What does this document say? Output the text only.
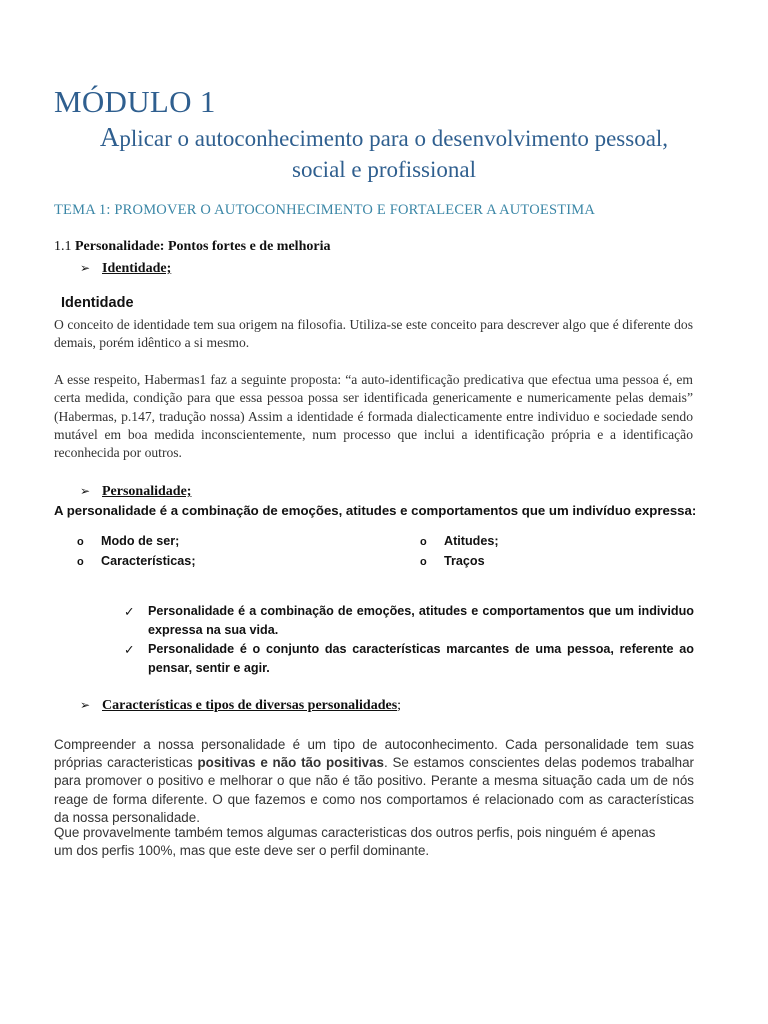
MÓDULO 1
Aplicar o autoconhecimento para o desenvolvimento pessoal,
social e profissional
TEMA 1: PROMOVER O AUTOCONHECIMENTO E FORTALECER A AUTOESTIMA
1.1 Personalidade: Pontos fortes e de melhoria
➢ Identidade;
Identidade
O conceito de identidade tem sua origem na filosofia. Utiliza-se este conceito para descrever algo que é diferente dos demais, porém idêntico a si mesmo.
A esse respeito, Habermas1 faz a seguinte proposta: “a auto-identificação predicativa que efectua uma pessoa é, em certa medida, condição para que essa pessoa possa ser identificada genericamente e numericamente pelas demais” (Habermas, p.147, tradução nossa) Assim a identidade é formada dialecticamente entre individuo e sociedade sendo mutável em boa medida inconscientemente, num processo que inclui a identificação própria e a identificação reconhecida por outros.
➢ Personalidade;
A personalidade é a combinação de emoções, atitudes e comportamentos que um indivíduo expressa:
o Modo de ser;
o Características;
o Atitudes;
o Traços
✓ Personalidade é a combinação de emoções, atitudes e comportamentos que um individuo expressa na sua vida.
✓ Personalidade é o conjunto das características marcantes de uma pessoa, referente ao pensar, sentir e agir.
➢ Características e tipos de diversas personalidades;
Compreender a nossa personalidade é um tipo de autoconhecimento. Cada personalidade tem suas próprias caracteristicas positivas e não tão positivas. Se estamos conscientes delas podemos trabalhar para promover o positivo e melhorar o que não é tão positivo. Perante a mesma situação cada um de nós reage de forma diferente. O que fazemos e como nos comportamos é relacionado com as características da nossa personalidade.
Que provavelmente também temos algumas caracteristicas dos outros perfis, pois ninguém é apenas um dos perfis 100%, mas que este deve ser o perfil dominante.
